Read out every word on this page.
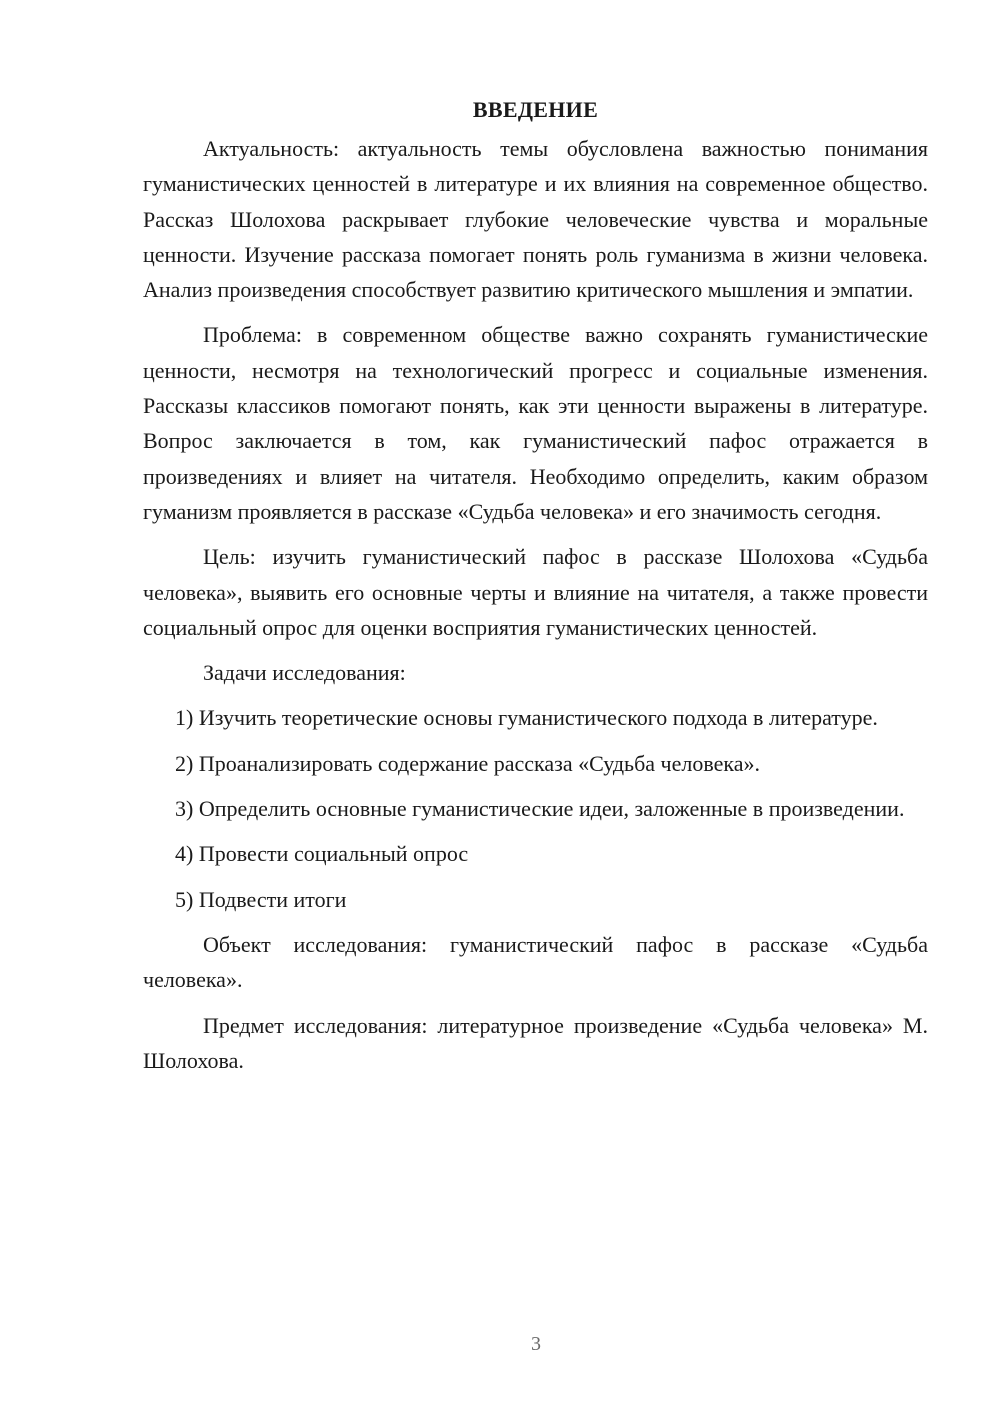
ВВЕДЕНИЕ

Актуальность: актуальность темы обусловлена важностью понимания гуманистических ценностей в литературе и их влияния на современное общество. Рассказ Шолохова раскрывает глубокие человеческие чувства и моральные ценности. Изучение рассказа помогает понять роль гуманизма в жизни человека. Анализ произведения способствует развитию критического мышления и эмпатии.

Проблема: в современном обществе важно сохранять гуманистические ценности, несмотря на технологический прогресс и социальные изменения. Рассказы классиков помогают понять, как эти ценности выражены в литературе. Вопрос заключается в том, как гуманистический пафос отражается в произведениях и влияет на читателя. Необходимо определить, каким образом гуманизм проявляется в рассказе «Судьба человека» и его значимость сегодня.

Цель: изучить гуманистический пафос в рассказе Шолохова «Судьба человека», выявить его основные черты и влияние на читателя, а также провести социальный опрос для оценки восприятия гуманистических ценностей.

Задачи исследования:

1) Изучить теоретические основы гуманистического подхода в литературе.

2) Проанализировать содержание рассказа «Судьба человека».

3) Определить основные гуманистические идеи, заложенные в произведении.

4) Провести социальный опрос

5) Подвести итоги

Объект исследования: гуманистический пафос в рассказе «Судьба человека».

Предмет исследования: литературное произведение «Судьба человека» М. Шолохова.

3
